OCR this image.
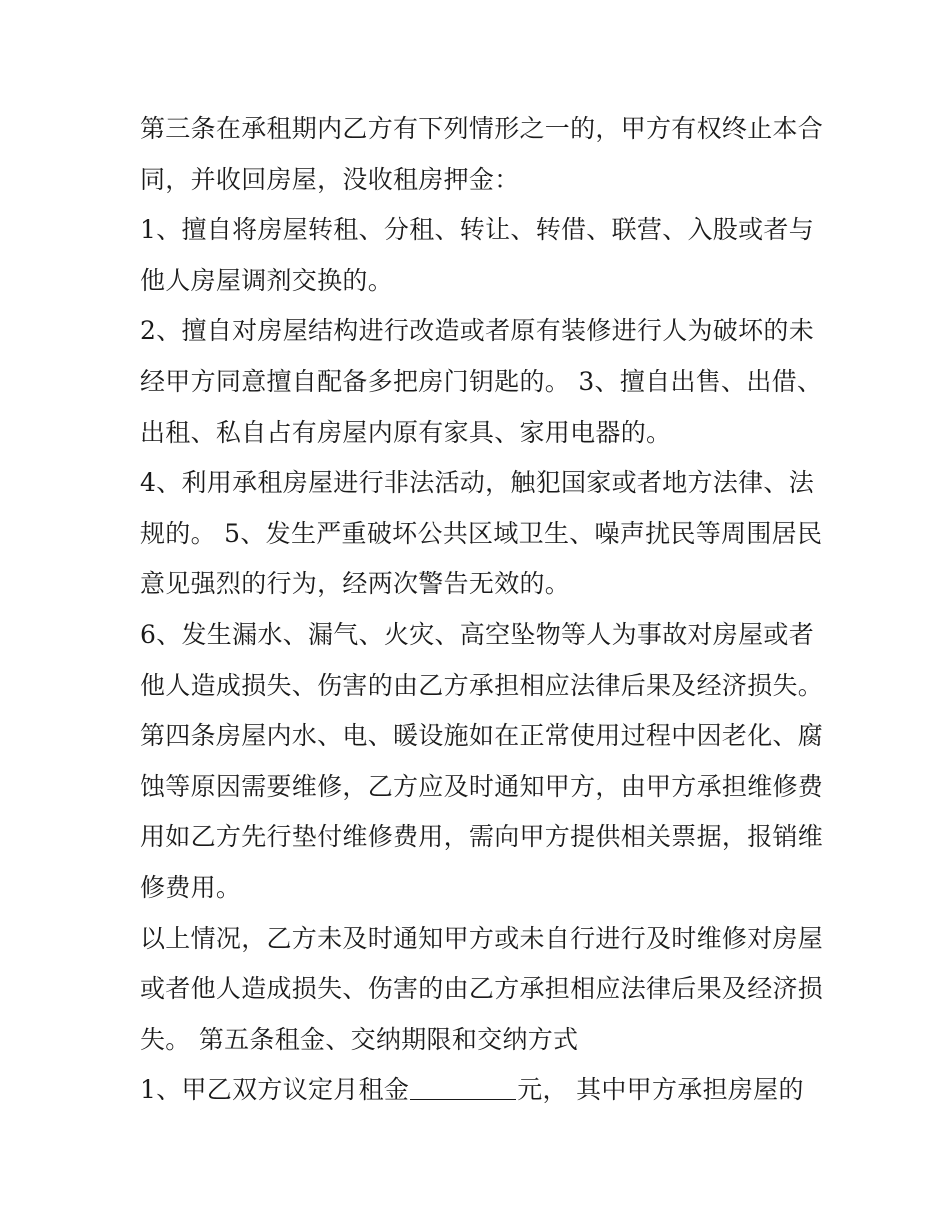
第三条在承租期内乙方有下列情形之一的，甲方有权终止本合
同，并收回房屋，没收租房押金：
1、擅自将房屋转租、分租、转让、转借、联营、入股或者与
他人房屋调剂交换的。
2、擅自对房屋结构进行改造或者原有装修进行人为破坏的未
经甲方同意擅自配备多把房门钥匙的。 3、擅自出售、出借、
出租、私自占有房屋内原有家具、家用电器的。
4、利用承租房屋进行非法活动，触犯国家或者地方法律、法
规的。 5、发生严重破坏公共区域卫生、噪声扰民等周围居民
意见强烈的行为，经两次警告无效的。
6、发生漏水、漏气、火灾、高空坠物等人为事故对房屋或者
他人造成损失、伤害的由乙方承担相应法律后果及经济损失。
第四条房屋内水、电、暖设施如在正常使用过程中因老化、腐
蚀等原因需要维修，乙方应及时通知甲方，由甲方承担维修费
用如乙方先行垫付维修费用，需向甲方提供相关票据，报销维
修费用。
以上情况，乙方未及时通知甲方或未自行进行及时维修对房屋
或者他人造成损失、伤害的由乙方承担相应法律后果及经济损
失。 第五条租金、交纳期限和交纳方式
1、甲乙双方议定月租金	元， 其中甲方承担房屋的
